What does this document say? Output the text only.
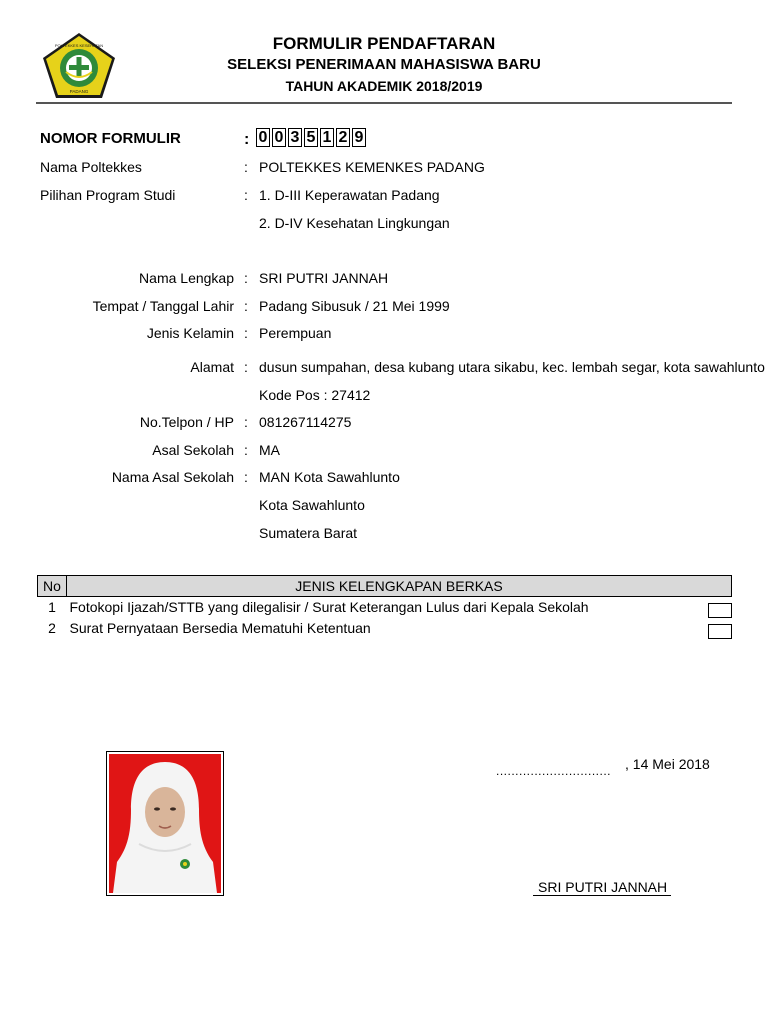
POLTEKKES KESEHATAN
PADANG
FORMULIR PENDAFTARAN
SELEKSI PENERIMAAN MAHASISWA BARU
TAHUN AKADEMIK 2018/2019
NOMOR FORMULIR	: 0 0 3 5 1 2 9
Nama Poltekkes	: POLTEKKES KEMENKES PADANG
Pilihan Program Studi	: 1. D-III Keperawatan Padang
2. D-IV Kesehatan Lingkungan
Nama Lengkap : SRI PUTRI JANNAH
Tempat / Tanggal Lahir : Padang Sibusuk / 21 Mei 1999
Jenis Kelamin : Perempuan
Alamat : dusun sumpahan, desa kubang utara sikabu, kec. lembah segar, kota sawahlunto
Kode Pos : 27412
No.Telpon / HP : 081267114275
Asal Sekolah : MA
Nama Asal Sekolah : MAN Kota Sawahlunto
Kota Sawahlunto
Sumatera Barat
No	JENIS KELENGKAPAN BERKAS
1	Fotokopi Ijazah/STTB yang dilegalisir / Surat Keterangan Lulus dari Kepala Sekolah
2	Surat Pernyataan Bersedia Mematuhi Ketentuan
.............................. , 14 Mei 2018
SRI PUTRI JANNAH
